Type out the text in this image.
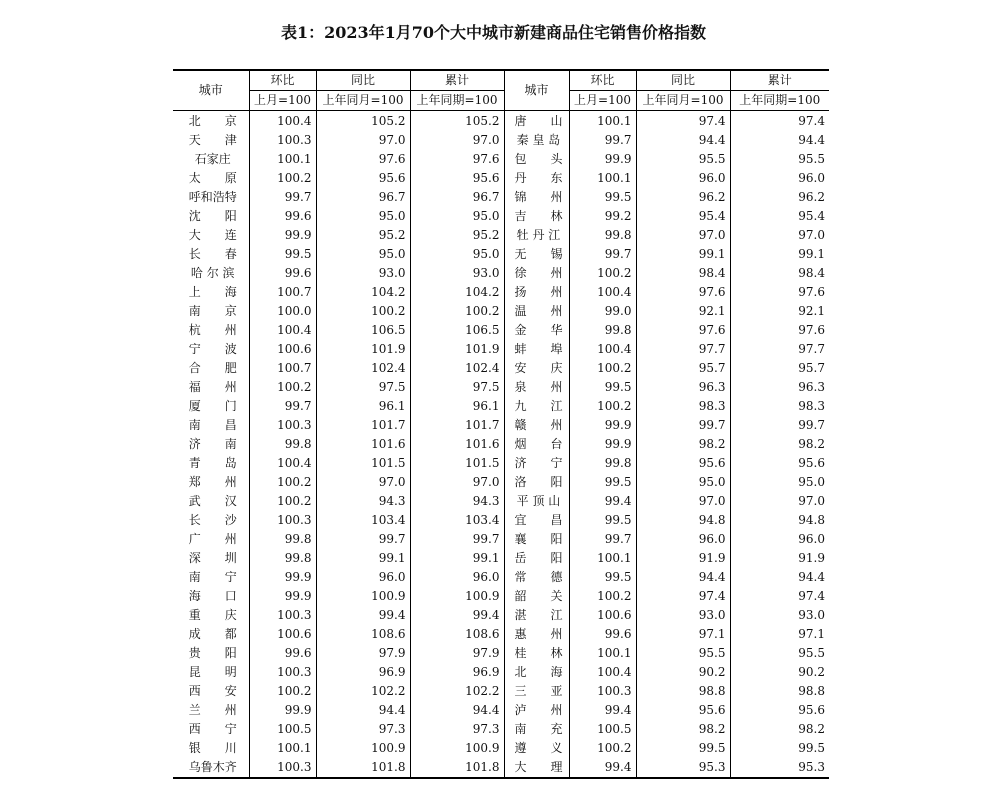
表1：2023年1月70个大中城市新建商品住宅销售价格指数
城市	环比	同比	累计	城市	环比	同比	累计
	上月=100	上年同月=100	上年同期=100		上月=100	上年同月=100	上年同期=100
北　　京	100.4	105.2	105.2	唐　　山	100.1	97.4	97.4
天　　津	100.3	97.0	97.0	秦 皇 岛	99.7	94.4	94.4
石家庄	100.1	97.6	97.6	包　　头	99.9	95.5	95.5
太　　原	100.2	95.6	95.6	丹　　东	100.1	96.0	96.0
呼和浩特	99.7	96.7	96.7	锦　　州	99.5	96.2	96.2
沈　　阳	99.6	95.0	95.0	吉　　林	99.2	95.4	95.4
大　　连	99.9	95.2	95.2	牡 丹 江	99.8	97.0	97.0
长　　春	99.5	95.0	95.0	无　　锡	99.7	99.1	99.1
哈 尔 滨	99.6	93.0	93.0	徐　　州	100.2	98.4	98.4
上　　海	100.7	104.2	104.2	扬　　州	100.4	97.6	97.6
南　　京	100.0	100.2	100.2	温　　州	99.0	92.1	92.1
杭　　州	100.4	106.5	106.5	金　　华	99.8	97.6	97.6
宁　　波	100.6	101.9	101.9	蚌　　埠	100.4	97.7	97.7
合　　肥	100.7	102.4	102.4	安　　庆	100.2	95.7	95.7
福　　州	100.2	97.5	97.5	泉　　州	99.5	96.3	96.3
厦　　门	99.7	96.1	96.1	九　　江	100.2	98.3	98.3
南　　昌	100.3	101.7	101.7	赣　　州	99.9	99.7	99.7
济　　南	99.8	101.6	101.6	烟　　台	99.9	98.2	98.2
青　　岛	100.4	101.5	101.5	济　　宁	99.8	95.6	95.6
郑　　州	100.2	97.0	97.0	洛　　阳	99.5	95.0	95.0
武　　汉	100.2	94.3	94.3	平 顶 山	99.4	97.0	97.0
长　　沙	100.3	103.4	103.4	宜　　昌	99.5	94.8	94.8
广　　州	99.8	99.7	99.7	襄　　阳	99.7	96.0	96.0
深　　圳	99.8	99.1	99.1	岳　　阳	100.1	91.9	91.9
南　　宁	99.9	96.0	96.0	常　　德	99.5	94.4	94.4
海　　口	99.9	100.9	100.9	韶　　关	100.2	97.4	97.4
重　　庆	100.3	99.4	99.4	湛　　江	100.6	93.0	93.0
成　　都	100.6	108.6	108.6	惠　　州	99.6	97.1	97.1
贵　　阳	99.6	97.9	97.9	桂　　林	100.1	95.5	95.5
昆　　明	100.3	96.9	96.9	北　　海	100.4	90.2	90.2
西　　安	100.2	102.2	102.2	三　　亚	100.3	98.8	98.8
兰　　州	99.9	94.4	94.4	泸　　州	99.4	95.6	95.6
西　　宁	100.5	97.3	97.3	南　　充	100.5	98.2	98.2
银　　川	100.1	100.9	100.9	遵　　义	100.2	99.5	99.5
乌鲁木齐	100.3	101.8	101.8	大　　理	99.4	95.3	95.3
